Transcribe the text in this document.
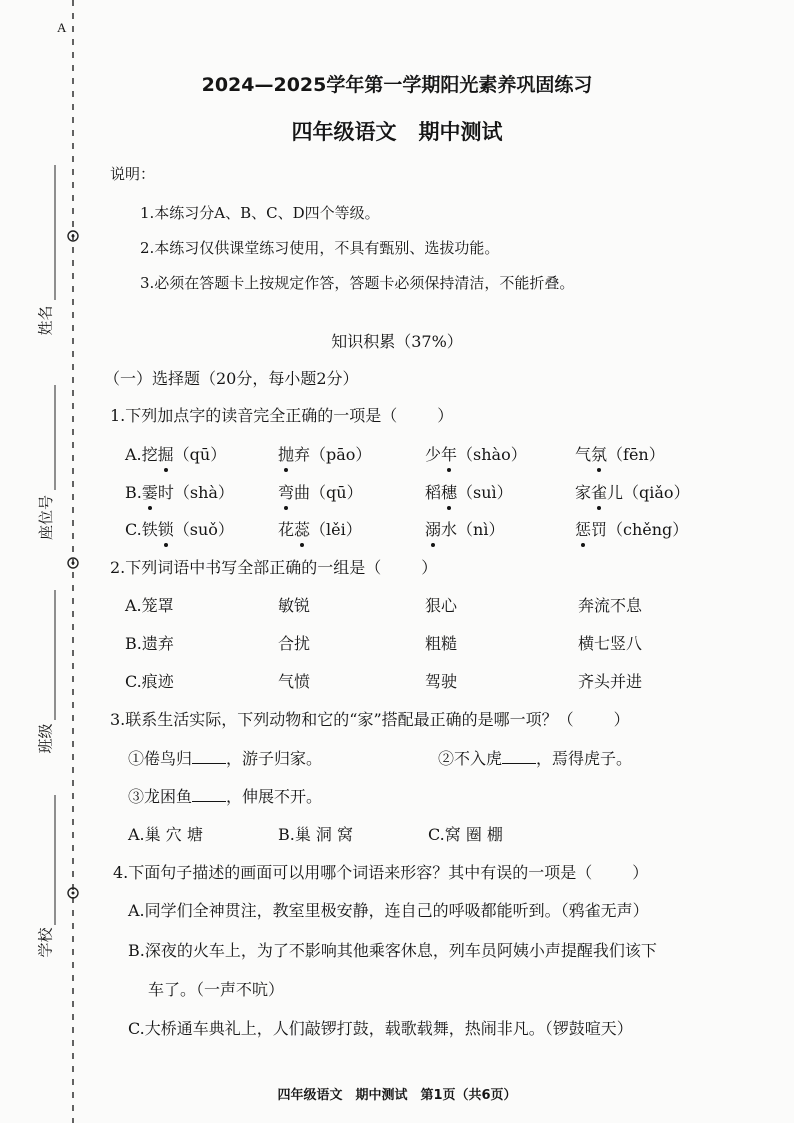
A
姓名
座位号
班级
学校
2024—2025学年第一学期阳光素养巩固练习
四年级语文 期中测试
说明：
1.本练习分A、B、C、D四个等级。
2.本练习仅供课堂练习使用，不具有甄别、选拔功能。
3.必须在答题卡上按规定作答，答题卡必须保持清洁，不能折叠。
知识积累（37%）
（一）选择题（20分，每小题2分）
1.下列加点字的读音完全正确的一项是（	）
A.挖掘（qū）	抛弃（pāo）	少年（shào）	气氛（fēn）
B.霎时（shà）	弯曲（qū）	稻穗（suì）	家雀儿（qiǎo）
C.铁锁（suǒ）	花蕊（lěi）	溺水（nì）	惩罚（chěng）
2.下列词语中书写全部正确的一组是（	）
A.笼罩	敏锐	狠心	奔流不息
B.遗弃	合扰	粗糙	横七竖八
C.痕迹	气愤	驾驶	齐头并进
3.联系生活实际，下列动物和它的“家”搭配最正确的是哪一项？（	）
①倦鸟归 ，游子归家。	②不入虎 ，焉得虎子。
③龙困鱼 ，伸展不开。
A.巢 穴 塘	B.巢 洞 窝	C.窝 圈 棚
4.下面句子描述的画面可以用哪个词语来形容？其中有误的一项是（	）
A.同学们全神贯注，教室里极安静，连自己的呼吸都能听到。（鸦雀无声）
B.深夜的火车上，为了不影响其他乘客休息，列车员阿姨小声提醒我们该下
车了。（一声不吭）
C.大桥通车典礼上，人们敲锣打鼓，载歌载舞，热闹非凡。（锣鼓喧天）
四年级语文　期中测试　第1页（共6页）
